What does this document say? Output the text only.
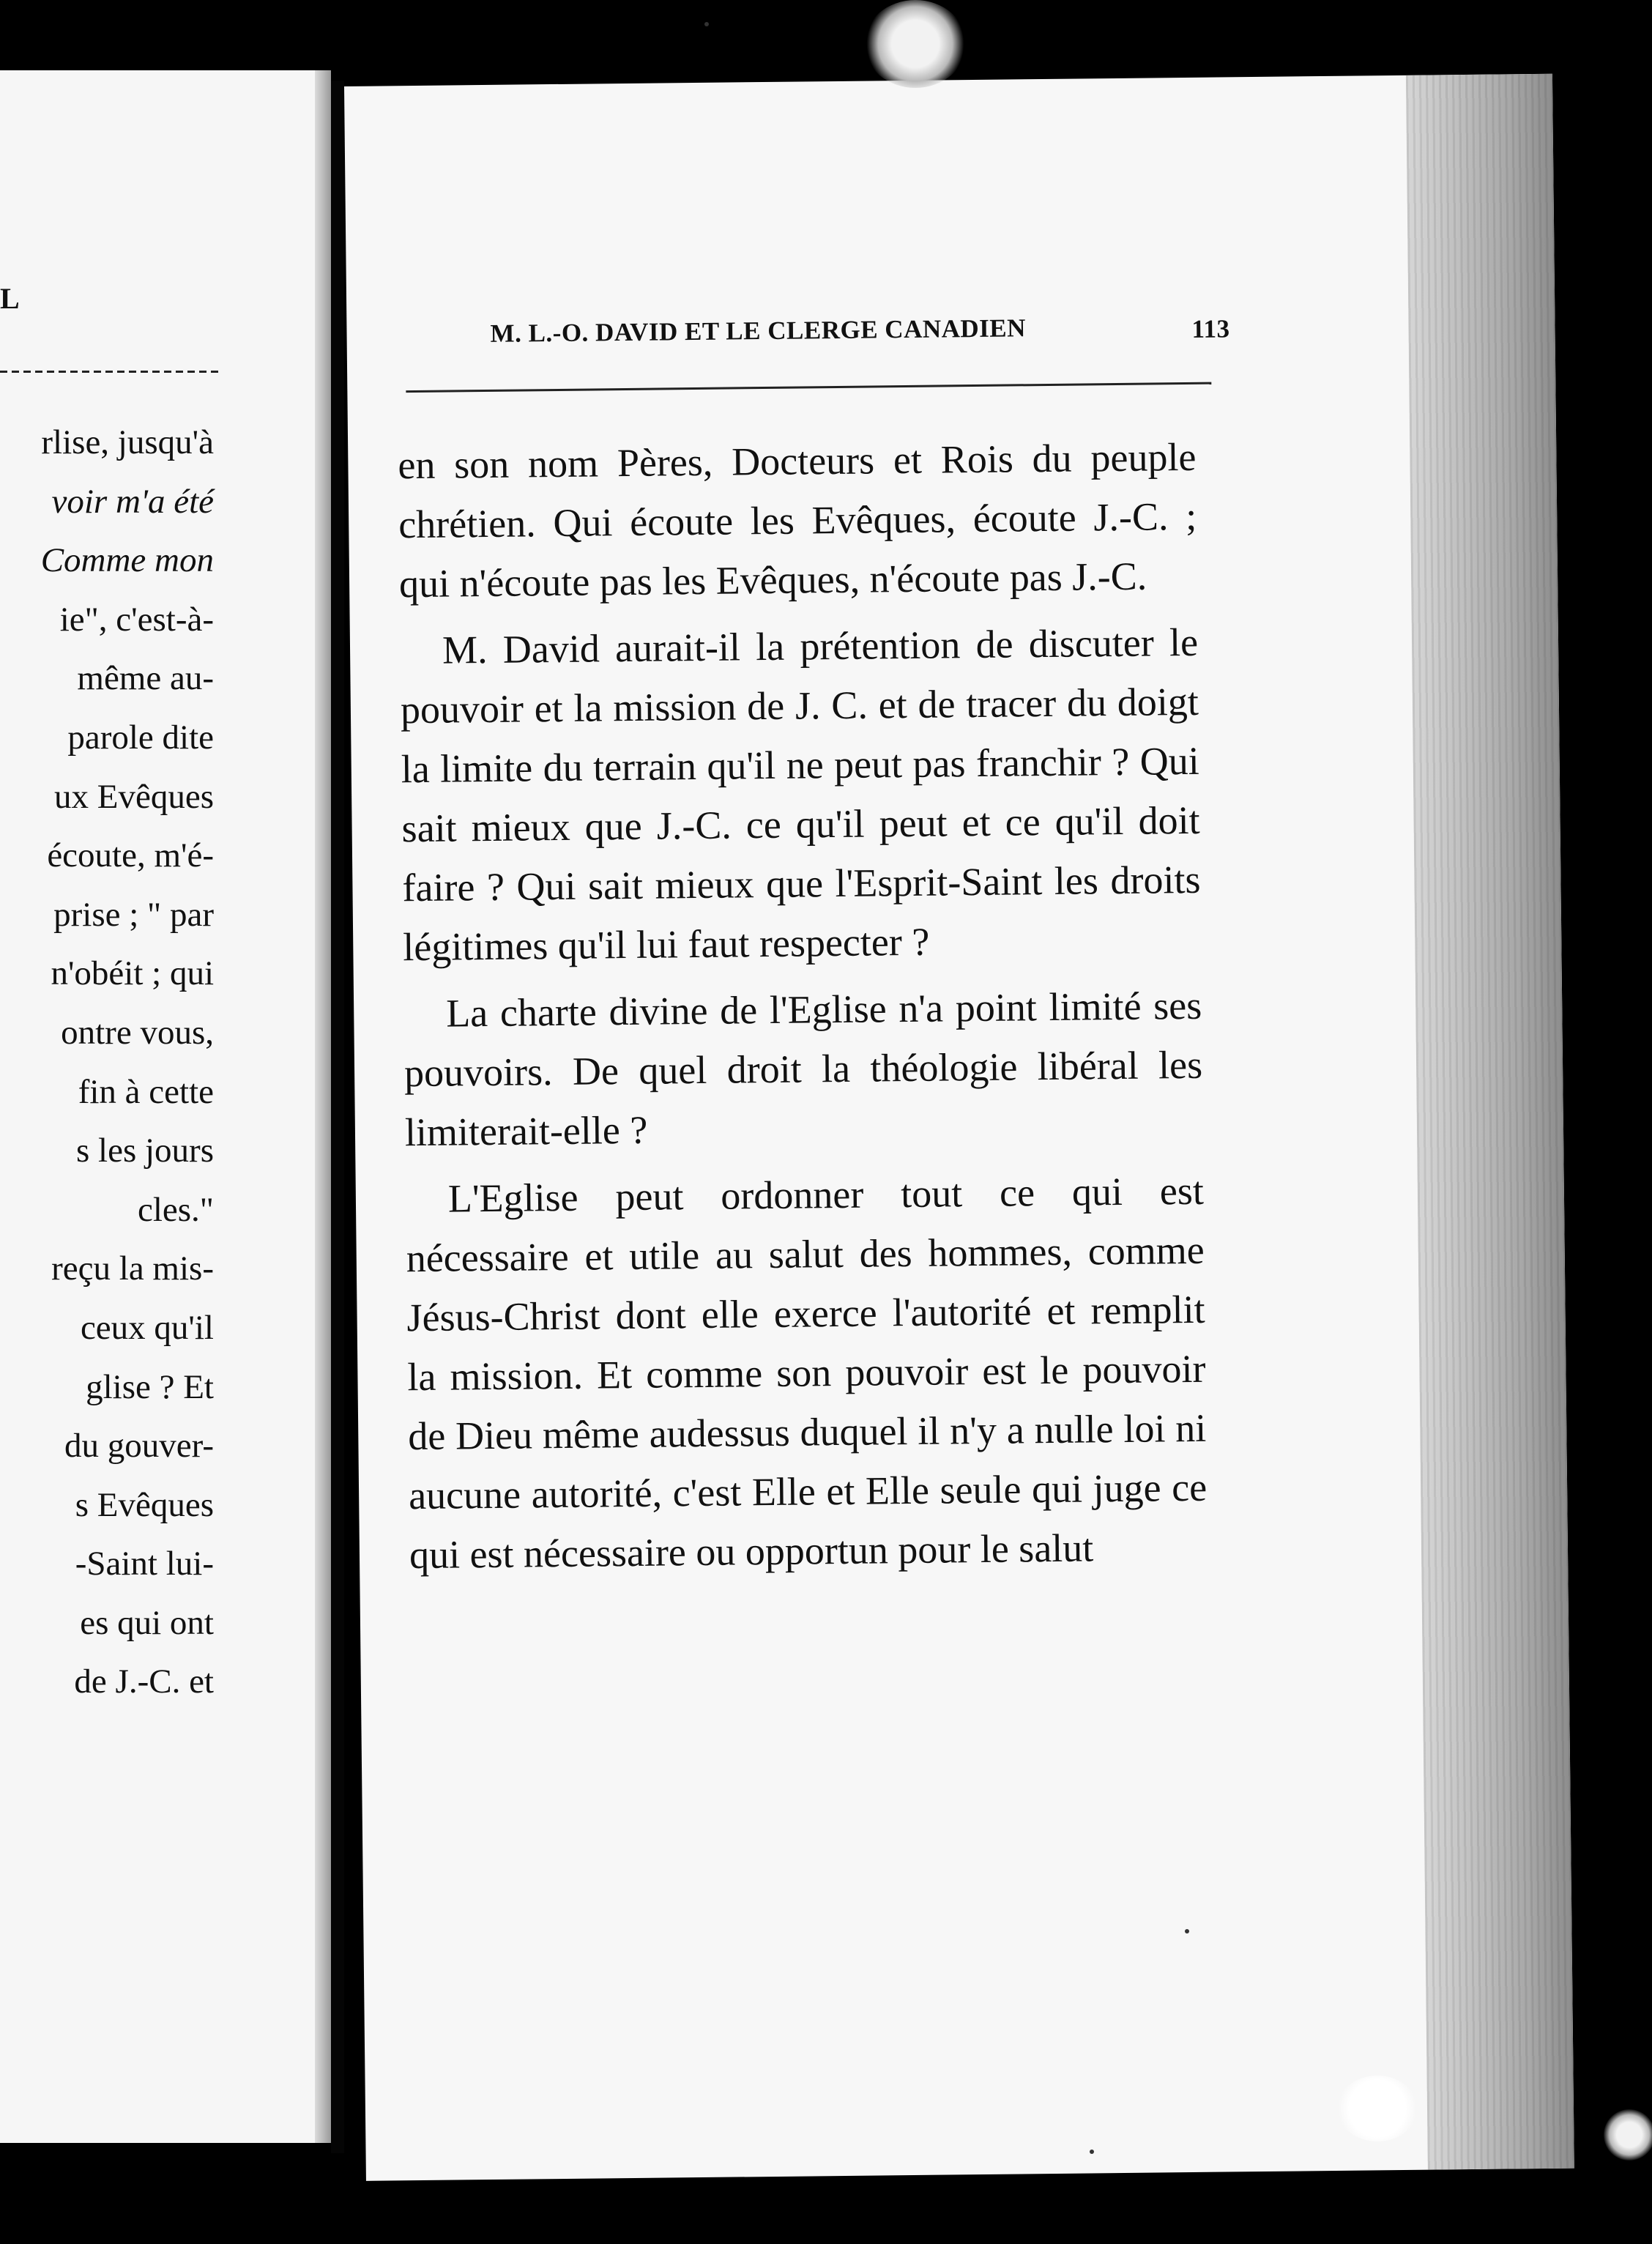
L
rlise, jusqu'à
voir m'a été
Comme mon
ie", c'est-à-
même au-
parole dite
ux Evêques
écoute, m'é-
prise ; " par
n'obéit ; qui
ontre vous,
fin à cette
s les jours
cles."
reçu la mis-
ceux qu'il
glise ? Et
du gouver-
s Evêques
-Saint lui-
es qui ont
de J.-C. et
M. L.-O. DAVID ET LE CLERGE CANADIEN	113

en son nom Pères, Docteurs et Rois du peuple chrétien. Qui écoute les Evêques, écoute J.-C. ; qui n'écoute pas les Evêques, n'écoute pas J.-C.

M. David aurait-il la prétention de discuter le pouvoir et la mission de J. C. et de tracer du doigt la limite du terrain qu'il ne peut pas franchir ? Qui sait mieux que J.-C. ce qu'il peut et ce qu'il doit faire ? Qui sait mieux que l'Esprit-Saint les droits légitimes qu'il lui faut respecter ?

La charte divine de l'Eglise n'a point limité ses pouvoirs. De quel droit la théologie libéral les limiterait-elle ?

L'Eglise peut ordonner tout ce qui est nécessaire et utile au salut des hommes, comme Jésus-Christ dont elle exerce l'autorité et remplit la mission. Et comme son pouvoir est le pouvoir de Dieu même audessus duquel il n'y a nulle loi ni aucune autorité, c'est Elle et Elle seule qui juge ce qui est nécessaire ou opportun pour le salut
